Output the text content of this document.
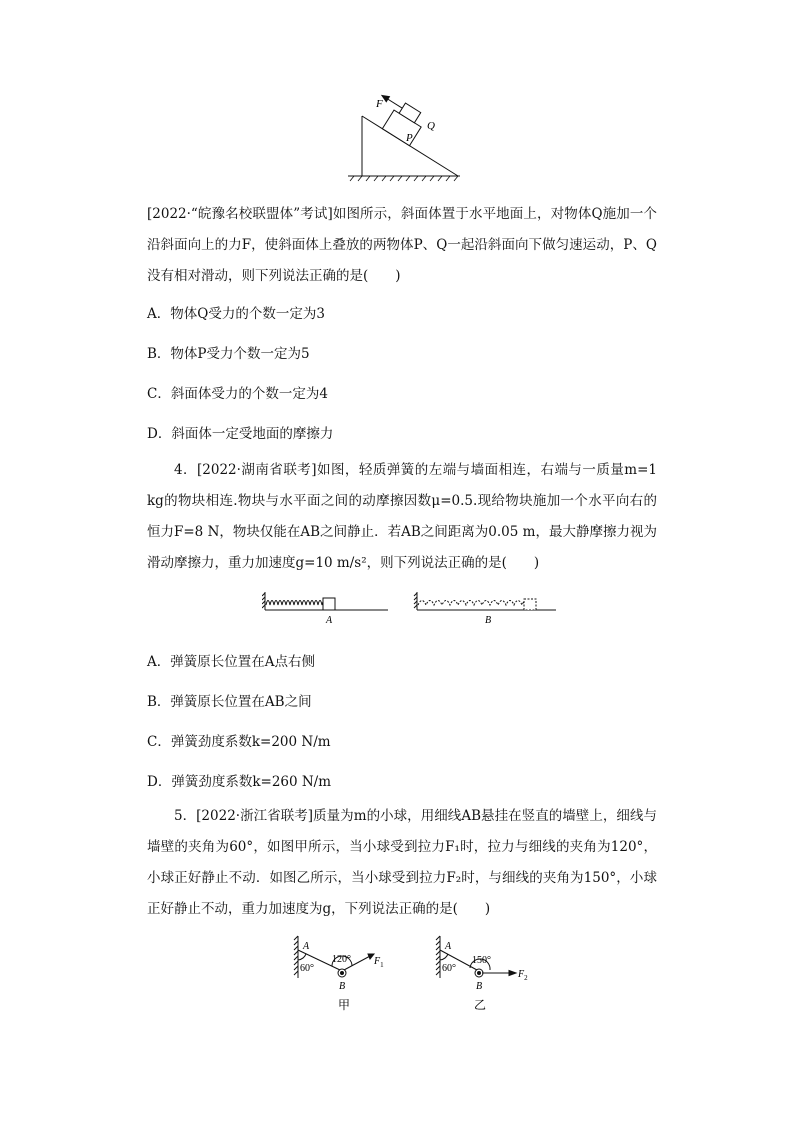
F
P
Q
[2022·“皖豫名校联盟体”考试]如图所示，斜面体置于水平地面上，对物体Q施加一个沿斜面向上的力F，使斜面体上叠放的两物体P、Q一起沿斜面向下做匀速运动，P、Q没有相对滑动，则下列说法正确的是(　　)
A．物体Q受力的个数一定为3
B．物体P受力个数一定为5
C．斜面体受力的个数一定为4
D．斜面体一定受地面的摩擦力
4．[2022·湖南省联考]如图，轻质弹簧的左端与墙面相连，右端与一质量m=1 kg的物块相连.物块与水平面之间的动摩擦因数μ=0.5.现给物块施加一个水平向右的恒力F=8 N，物块仅能在AB之间静止．若AB之间距离为0.05 m，最大静摩擦力视为滑动摩擦力，重力加速度g=10 m/s²，则下列说法正确的是(　　)
A	B
A．弹簧原长位置在A点右侧
B．弹簧原长位置在AB之间
C．弹簧劲度系数k=200 N/m
D．弹簧劲度系数k=260 N/m
5．[2022·浙江省联考]质量为m的小球，用细线AB悬挂在竖直的墙壁上，细线与墙壁的夹角为60°，如图甲所示，当小球受到拉力F₁时，拉力与细线的夹角为120°，小球正好静止不动．如图乙所示，当小球受到拉力F₂时，与细线的夹角为150°，小球正好静止不动，重力加速度为g，下列说法正确的是(　　)
A
60°
120° $F_1$
B
甲
A
60°
150°
$F_2$
B
乙
